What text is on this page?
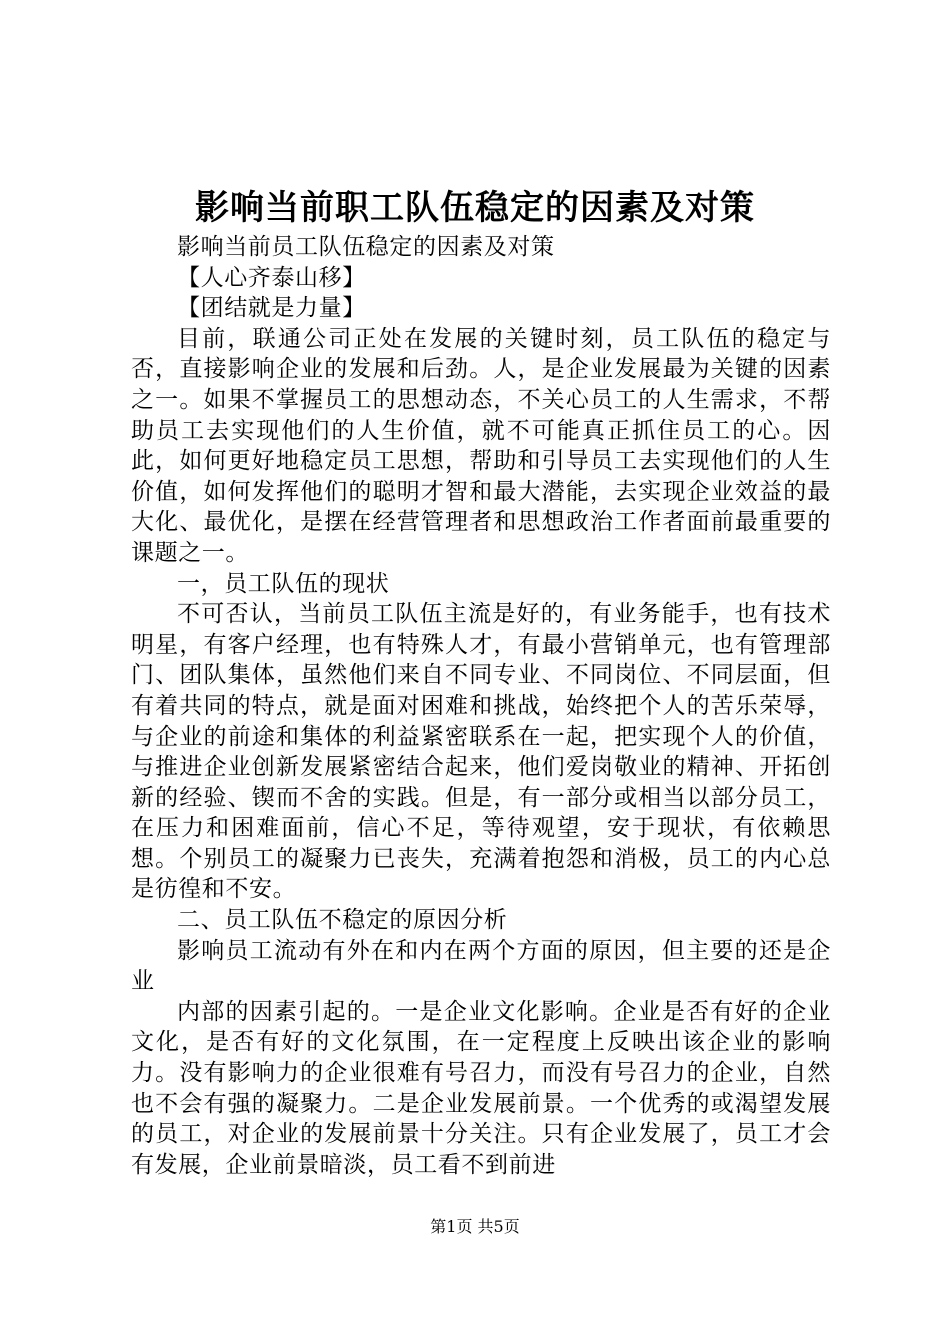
影响当前职工队伍稳定的因素及对策

影响当前员工队伍稳定的因素及对策

【人心齐泰山移】

【团结就是力量】

目前，联通公司正处在发展的关键时刻，员工队伍的稳定与否，直接影响企业的发展和后劲。人，是企业发展最为关键的因素之一。如果不掌握员工的思想动态，不关心员工的人生需求，不帮助员工去实现他们的人生价值，就不可能真正抓住员工的心。因此，如何更好地稳定员工思想，帮助和引导员工去实现他们的人生价值，如何发挥他们的聪明才智和最大潜能，去实现企业效益的最大化、最优化，是摆在经营管理者和思想政治工作者面前最重要的课题之一。

一，员工队伍的现状

不可否认，当前员工队伍主流是好的，有业务能手，也有技术明星，有客户经理，也有特殊人才，有最小营销单元，也有管理部门、团队集体，虽然他们来自不同专业、不同岗位、不同层面，但有着共同的特点，就是面对困难和挑战，始终把个人的苦乐荣辱，与企业的前途和集体的利益紧密联系在一起，把实现个人的价值，与推进企业创新发展紧密结合起来，他们爱岗敬业的精神、开拓创新的经验、锲而不舍的实践。但是，有一部分或相当以部分员工，在压力和困难面前，信心不足，等待观望，安于现状，有依赖思想。个别员工的凝聚力已丧失，充满着抱怨和消极，员工的内心总是彷徨和不安。

二、员工队伍不稳定的原因分析

影响员工流动有外在和内在两个方面的原因，但主要的还是企业

内部的因素引起的。一是企业文化影响。企业是否有好的企业文化，是否有好的文化氛围，在一定程度上反映出该企业的影响力。没有影响力的企业很难有号召力，而没有号召力的企业，自然也不会有强的凝聚力。二是企业发展前景。一个优秀的或渴望发展的员工，对企业的发展前景十分关注。只有企业发展了，员工才会有发展，企业前景暗淡，员工看不到前进

第1页 共5页
